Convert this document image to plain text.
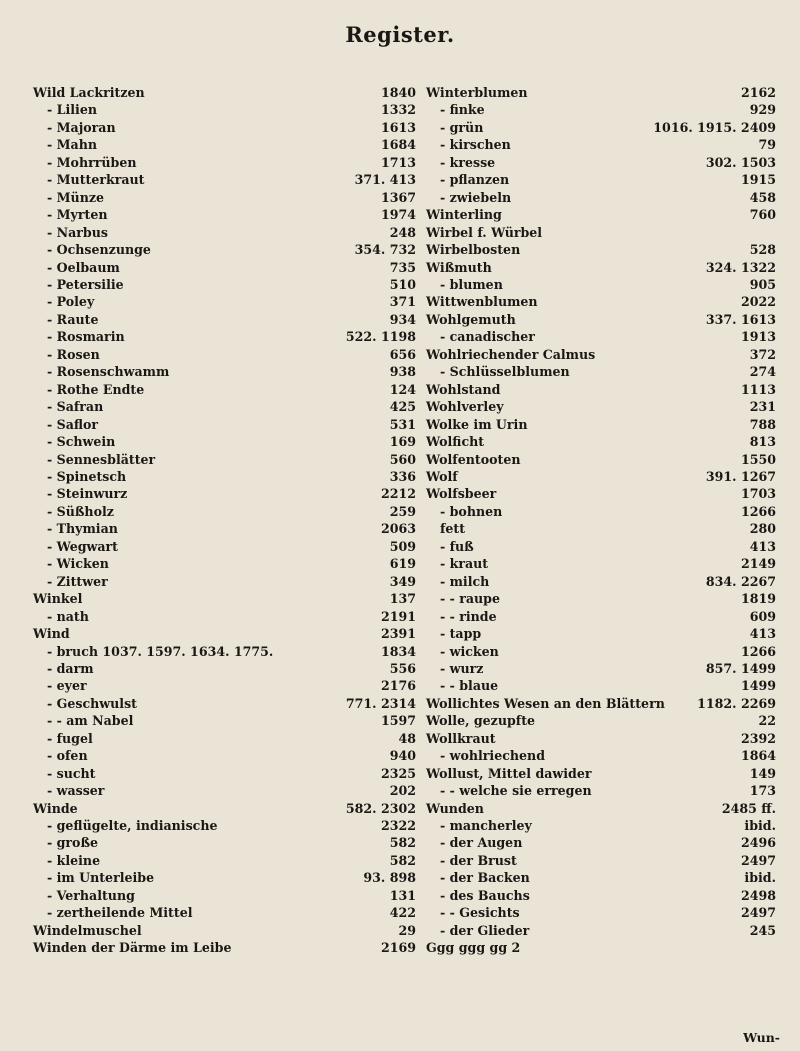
Register.
Wild Lackritzen	1840
- Lilien	1332
- Majoran	1613
- Mahn	1684
- Mohrrüben	1713
- Mutterkraut	371. 413
- Münze	1367
- Myrten	1974
- Narbus	248
- Ochsenzunge	354. 732
- Oelbaum	735
- Petersilie	510
- Poley	371
- Raute	934
- Rosmarin	522. 1198
- Rosen	656
- Rosenschwamm	938
- Rothe Endte	124
- Safran	425
- Saflor	531
- Schwein	169
- Sennesblätter	560
- Spinetsch	336
- Steinwurz	2212
- Süßholz	259
- Thymian	2063
- Wegwart	509
- Wicken	619
- Zittwer	349
Winkel	137
- nath	2191
Wind	2391
- bruch 1037. 1597. 1634. 1775.	1834
- darm	556
- eyer	2176
- Geschwulst	771. 2314
- - am Nabel	1597
- fugel	48
- ofen	940
- sucht	2325
- wasser	202
Winde	582. 2302
- geflügelte, indianische	2322
- große	582
- kleine	582
- im Unterleibe	93. 898
- Verhaltung	131
- zertheilende Mittel	422
Windelmuschel	29
Winden der Därme im Leibe	2169
Winterblumen	2162
- finke	929
- grün	1016. 1915. 2409
- kirschen	79
- kresse	302. 1503
- pflanzen	1915
- zwiebeln	458
Winterling	760
Wirbel f. Würbel
Wirbelbosten	528
Wißmuth	324. 1322
- blumen	905
Wittwenblumen	2022
Wohlgemuth	337. 1613
- canadischer	1913
Wohlriechender Calmus	372
- Schlüsselblumen	274
Wohlstand	1113
Wohlverley	231
Wolke im Urin	788
Wolficht	813
Wolfentooten	1550
Wolf	391. 1267
Wolfsbeer	1703
- bohnen	1266
fett	280
- fuß	413
- kraut	2149
- milch	834. 2267
- - raupe	1819
- - rinde	609
- tapp	413
- wicken	1266
- wurz	857. 1499
- - blaue	1499
Wollichtes Wesen an den Blättern	1182. 2269
Wolle, gezupfte	22
Wollkraut	2392
- wohlriechend	1864
Wollust, Mittel dawider	149
- - welche sie erregen	173
Wunden	2485 ff.
- mancherley	ibid.
- der Augen	2496
- der Brust	2497
- der Backen	ibid.
- des Bauchs	2498
- - Gesichts	2497
- der Glieder	245
Ggg ggg gg 2
Wun-
